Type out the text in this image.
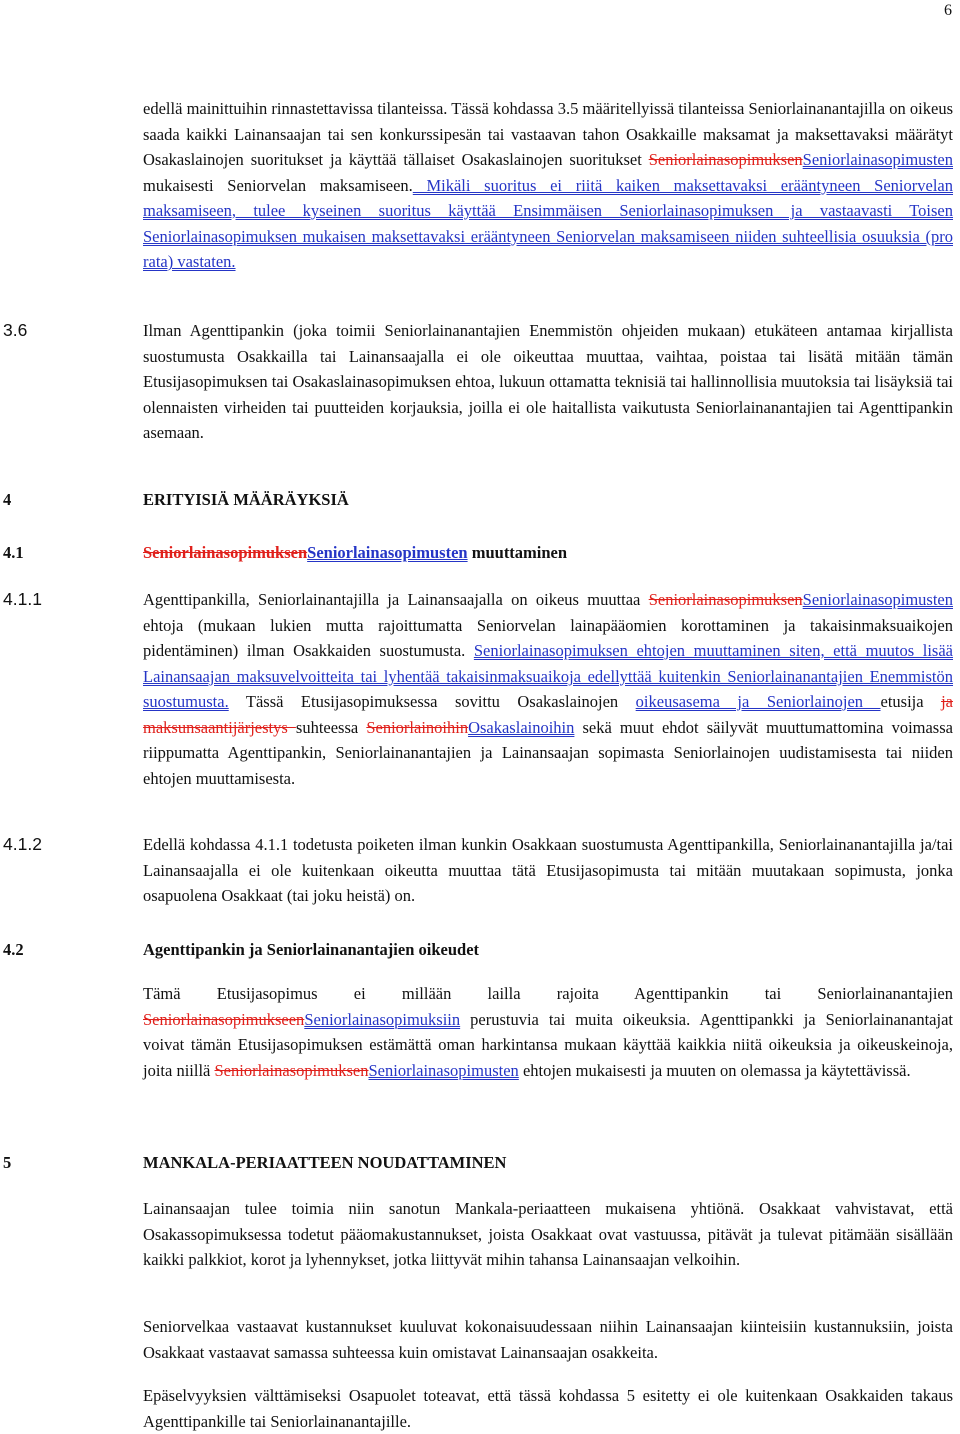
6
edellä mainittuihin rinnastettavissa tilanteissa. Tässä kohdassa 3.5 määritellyissä tilanteissa Seniorlainanantajilla on oikeus saada kaikki Lainansaajan tai sen konkurssipesän tai vastaavan tahon Osakkaille maksamat ja maksettavaksi määrätyt Osakaslainojen suoritukset ja käyttää tällaiset Osakaslainojen suoritukset SeniorlainasopimuksenSeniorlainasopimusten mukaisesti Seniorvelan maksamiseen. Mikäli suoritus ei riitä kaiken maksettavaksi erääntyneen Seniorvelan maksamiseen, tulee kyseinen suoritus käyttää Ensimmäisen Seniorlainasopimuksen ja vastaavasti Toisen Seniorlainasopimuksen mukaisen maksettavaksi erääntyneen Seniorvelan maksamiseen niiden suhteellisia osuuksia (pro rata) vastaten.
3.6	Ilman Agenttipankin (joka toimii Seniorlainanantajien Enemmistön ohjeiden mukaan) etukäteen antamaa kirjallista suostumusta Osakkailla tai Lainansaajalla ei ole oikeuttaa muuttaa, vaihtaa, poistaa tai lisätä mitään tämän Etusijasopimuksen tai Osakaslainasopimuksen ehtoa, lukuun ottamatta teknisiä tai hallinnollisia muutoksia tai lisäyksiä tai olennaisten virheiden tai puutteiden korjauksia, joilla ei ole haitallista vaikutusta Seniorlainanantajien tai Agenttipankin asemaan.
4	ERITYISIÄ MÄÄRÄYKSIÄ
4.1	SeniorlainasopimuksenSeniorlainasopimusten muuttaminen
4.1.1	Agenttipankilla, Seniorlainantajilla ja Lainansaajalla on oikeus muuttaa SeniorlainasopimuksenSeniorlainasopimusten ehtoja (mukaan lukien mutta rajoittumatta Seniorvelan lainapääomien korottaminen ja takaisinmaksuaikojen pidentäminen) ilman Osakkaiden suostumusta. Seniorlainasopimuksen ehtojen muuttaminen siten, että muutos lisää Lainansaajan maksuvelvoitteita tai lyhentää takaisinmaksuaikoja edellyttää kuitenkin Seniorlainanantajien Enemmistön suostumusta. Tässä Etusijasopimuksessa sovittu Osakaslainojen oikeusasema ja Seniorlainojen etusija ja maksunsaantijärjestys suhteessa SeniorlainoihinOsakaslainoihin sekä muut ehdot säilyvät muuttumattomina voimassa riippumatta Agenttipankin, Seniorlainanantajien ja Lainansaajan sopimasta Seniorlainojen uudistamisesta tai niiden ehtojen muuttamisesta.
4.1.2	Edellä kohdassa 4.1.1 todetusta poiketen ilman kunkin Osakkaan suostumusta Agenttipankilla, Seniorlainanantajilla ja/tai Lainansaajalla ei ole kuitenkaan oikeutta muuttaa tätä Etusijasopimusta tai mitään muutakaan sopimusta, jonka osapuolena Osakkaat (tai joku heistä) on.
4.2	Agenttipankin ja Seniorlainanantajien oikeudet
Tämä Etusijasopimus ei millään lailla rajoita Agenttipankin tai Seniorlainanantajien SeniorlainasopimukseenSeniorlainasopimuksiin perustuvia tai muita oikeuksia. Agenttipankki ja Seniorlainanantajat voivat tämän Etusijasopimuksen estämättä oman harkintansa mukaan käyttää kaikkia niitä oikeuksia ja oikeuskeinoja, joita niillä SeniorlainasopimuksenSeniorlainasopimusten ehtojen mukaisesti ja muuten on olemassa ja käytettävissä.
5	MANKALA-PERIAATTEEN NOUDATTAMINEN
Lainansaajan tulee toimia niin sanotun Mankala-periaatteen mukaisena yhtiönä. Osakkaat vahvistavat, että Osakassopimuksessa todetut pääomakustannukset, joista Osakkaat ovat vastuussa, pitävät ja tulevat pitämään sisällään kaikki palkkiot, korot ja lyhennykset, jotka liittyvät mihin tahansa Lainansaajan velkoihin.
Seniorvelkaa vastaavat kustannukset kuuluvat kokonaisuudessaan niihin Lainansaajan kiinteisiin kustannuksiin, joista Osakkaat vastaavat samassa suhteessa kuin omistavat Lainansaajan osakkeita.
Epäselvyyksien välttämiseksi Osapuolet toteavat, että tässä kohdassa 5 esitetty ei ole kuitenkaan Osakkaiden takaus Agenttipankille tai Seniorlainanantajille.
